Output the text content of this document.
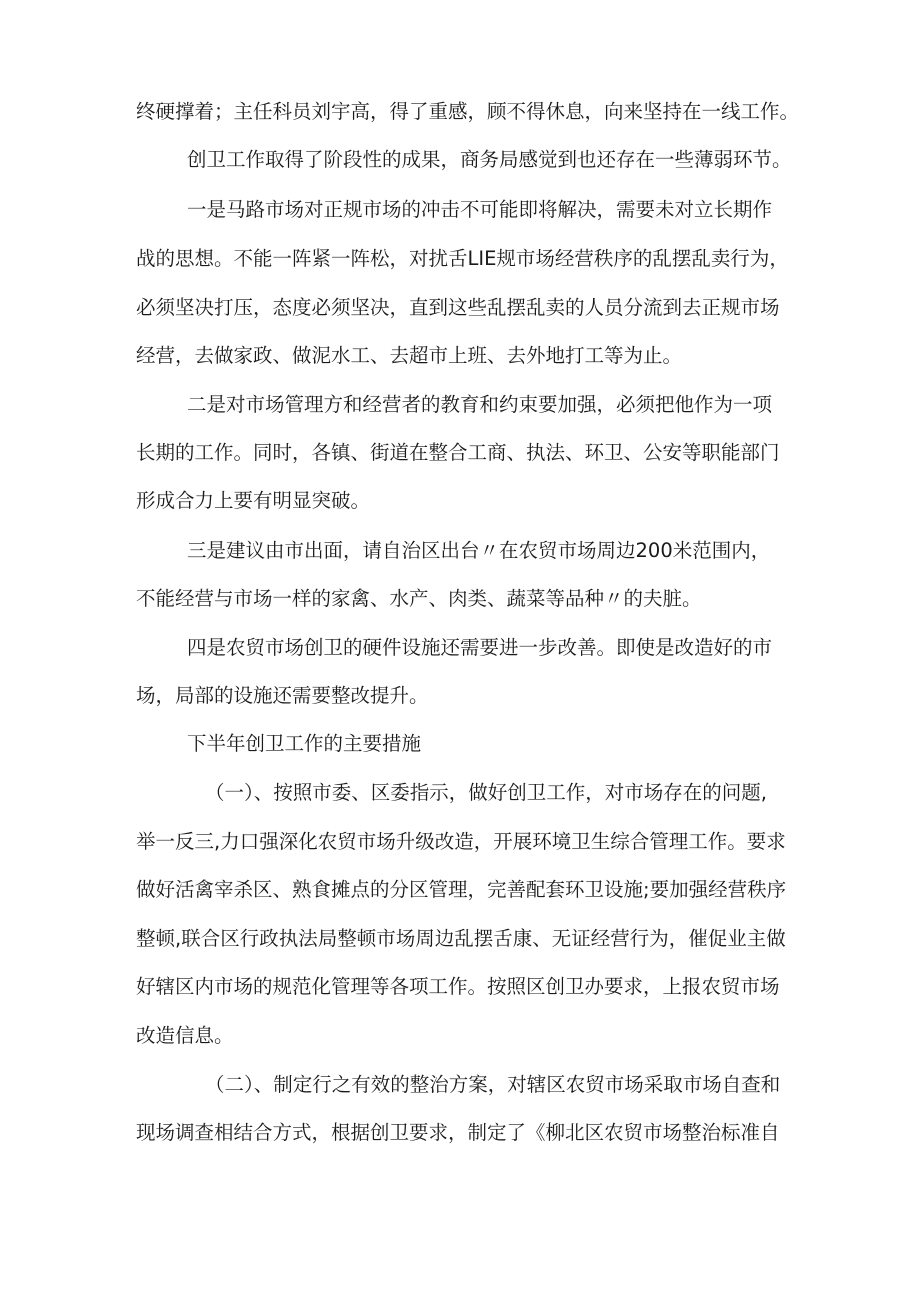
终硬撑着；主任科员刘宇高，得了重感，顾不得休息，向来坚持在一线工作。
创卫工作取得了阶段性的成果，商务局感觉到也还存在一些薄弱环节。
一是马路市场对正规市场的冲击不可能即将解决，需要未对立长期作
战的思想。不能一阵紧一阵松，对扰舌LIE规市场经营秩序的乱摆乱卖行为，
必须坚决打压，态度必须坚决，直到这些乱摆乱卖的人员分流到去正规市场
经营，去做家政、做泥水工、去超市上班、去外地打工等为止。
二是对市场管理方和经营者的教育和约束要加强，必须把他作为一项
长期的工作。同时，各镇、街道在整合工商、执法、环卫、公安等职能部门
形成合力上要有明显突破。
三是建议由市出面，请自治区出台〃在农贸市场周边200米范围内，
不能经营与市场一样的家禽、水产、肉类、蔬菜等品种〃的夫脏。
四是农贸市场创卫的硬件设施还需要进一步改善。即使是改造好的市
场，局部的设施还需要整改提升。
下半年创卫工作的主要措施
（一）、按照市委、区委指示，做好创卫工作，对市场存在的问题,
举一反三,力口强深化农贸市场升级改造，开展环境卫生综合管理工作。要求
做好活禽宰杀区、熟食摊点的分区管理，完善配套环卫设施;要加强经营秩序
整顿,联合区行政执法局整顿市场周边乱摆舌康、无证经营行为，催促业主做
好辖区内市场的规范化管理等各项工作。按照区创卫办要求，上报农贸市场
改造信息。
（二）、制定行之有效的整治方案，对辖区农贸市场采取市场自查和
现场调查相结合方式，根据创卫要求，制定了《柳北区农贸市场整治标准自
